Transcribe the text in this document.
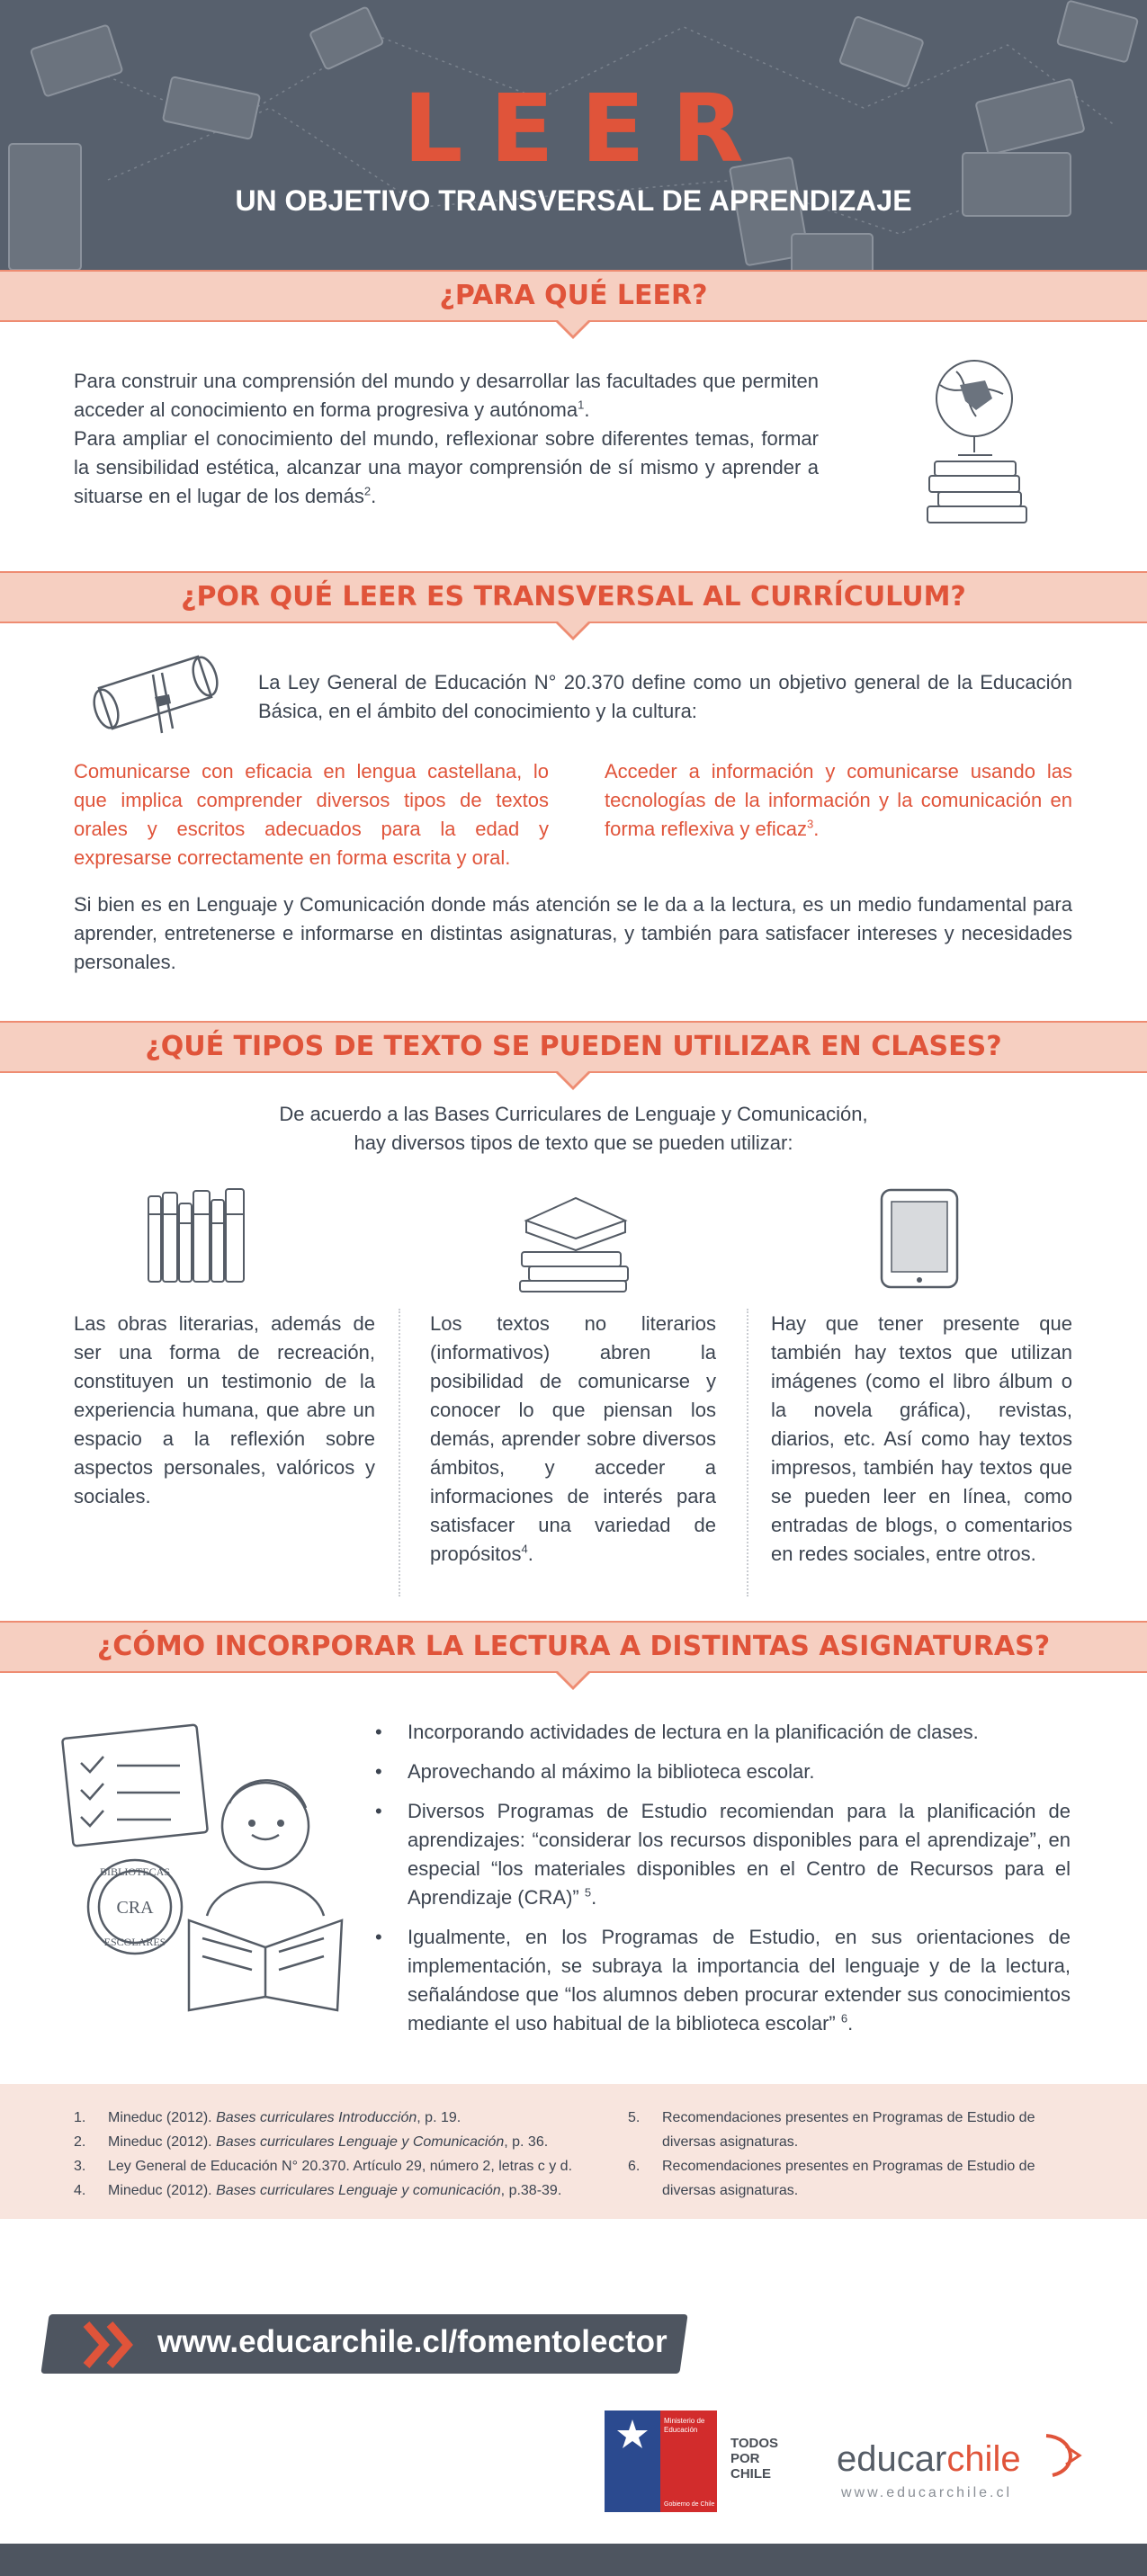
LEER
UN OBJETIVO TRANSVERSAL DE APRENDIZAJE
¿PARA QUÉ LEER?
Para construir una comprensión del mundo y desarrollar las facultades que permiten acceder al conocimiento en forma progresiva y autónoma$^1$.
Para ampliar el conocimiento del mundo, reflexionar sobre diferentes temas, formar la sensibilidad estética, alcanzar una mayor comprensión de sí mismo y aprender a situarse en el lugar de los demás$^2$.
¿POR QUÉ LEER ES TRANSVERSAL AL CURRÍCULUM?
La Ley General de Educación N° 20.370 define como un objetivo general de la Educación Básica, en el ámbito del conocimiento y la cultura:
Comunicarse con eficacia en lengua castellana, lo que implica comprender diversos tipos de textos orales y escritos adecuados para la edad y expresarse correctamente en forma escrita y oral.
Acceder a información y comunicarse usando las tecnologías de la información y la comunicación en forma reflexiva y eficaz$^3$.
Si bien es en Lenguaje y Comunicación donde más atención se le da a la lectura, es un medio fundamental para aprender, entretenerse e informarse en distintas asignaturas, y también para satisfacer intereses y necesidades personales.
¿QUÉ TIPOS DE TEXTO SE PUEDEN UTILIZAR EN CLASES?
De acuerdo a las Bases Curriculares de Lenguaje y Comunicación,
hay diversos tipos de texto que se pueden utilizar:
Las obras literarias, además de ser una forma de recreación, constituyen un testimonio de la experiencia humana, que abre un espacio a la reflexión sobre aspectos personales, valóricos y sociales.
Los textos no literarios (informativos) abren la posibilidad de comunicarse y conocer lo que piensan los demás, aprender sobre diversos ámbitos, y acceder a informaciones de interés para satisfacer una variedad de propósitos$^4$.
Hay que tener presente que también hay textos que utilizan imágenes (como el libro álbum o la novela gráfica), revistas, diarios, etc. Así como hay textos impresos, también hay textos que se pueden leer en línea, como entradas de blogs, o comentarios en redes sociales, entre otros.
¿CÓMO INCORPORAR LA LECTURA A DISTINTAS ASIGNATURAS?
BIBLIOTECAS
CRA
ESCOLARES
• Incorporando actividades de lectura en la planificación de clases.
• Aprovechando al máximo la biblioteca escolar.
• Diversos Programas de Estudio recomiendan para la planificación de aprendizajes: “considerar los recursos disponibles para el aprendizaje”, en especial “los materiales disponibles en el Centro de Recursos para el Aprendizaje (CRA)” $^5$.
• Igualmente, en los Programas de Estudio, en sus orientaciones de implementación, se subraya la importancia del lenguaje y de la lectura, señalándose que “los alumnos deben procurar extender sus conocimientos mediante el uso habitual de la biblioteca escolar” $^6$.
1. Mineduc (2012). Bases curriculares Introducción, p. 19.
2. Mineduc (2012). Bases curriculares Lenguaje y Comunicación, p. 36.
3. Ley General de Educación N° 20.370. Artículo 29, número 2, letras c y d.
4. Mineduc (2012). Bases curriculares Lenguaje y comunicación, p.38-39.
5. Recomendaciones presentes en Programas de Estudio de
diversas asignaturas.
6. Recomendaciones presentes en Programas de Estudio de
diversas asignaturas.
www.educarchile.cl/fomentolector
Ministerio de
Educación
Gobierno de Chile
TODOS
POR
CHILE educarchile
www.educarchile.cl
